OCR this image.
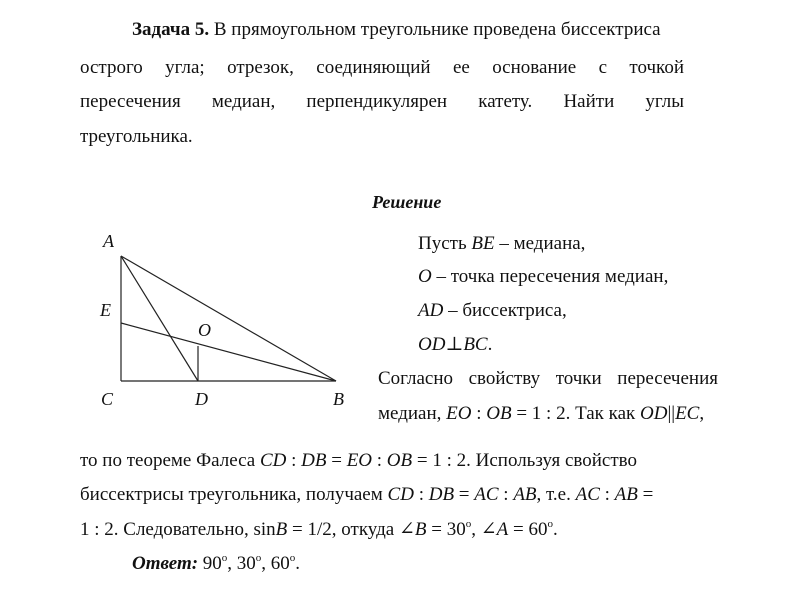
Задача 5. В прямоугольном треугольнике проведена биссектриса
острого угла; отрезок, соединяющий ее основание с точкой
пересечения медиан, перпендикулярен катету. Найти углы
треугольника.
Решение
A
E
O
C	D	B
Пусть BE – медиана,
O – точка пересечения медиан,
AD – биссектриса,
OD⊥BC.
Согласно свойству точки пересечения
медиан, EO : OB = 1 : 2. Так как OD||EC,
то по теореме Фалеса CD : DB = EO : OB = 1 : 2. Используя свойство
биссектрисы треугольника, получаем CD : DB = AC : AB, т.е. AC : AB =
1 : 2. Следовательно, sinB = 1/2, откуда ∠B = $30^о$, ∠A = $60^о$.
Ответ: $90^о$, $30^о$, $60^о$.
